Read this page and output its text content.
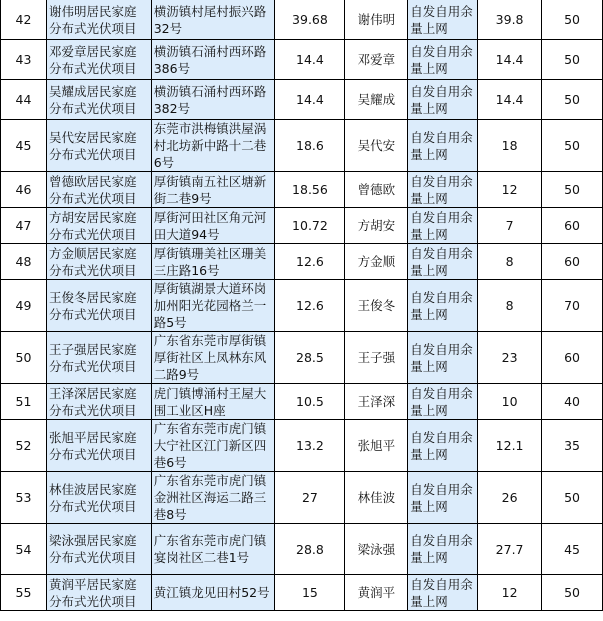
42	谢伟明居民家庭分布式光伏项目	横沥镇村尾村振兴路32号	39.68	谢伟明	自发自用余量上网	39.8	50
43	邓爱章居民家庭分布式光伏项目	横沥镇石涌村西环路386号	14.4	邓爱章	自发自用余量上网	14.4	50
44	吴耀成居民家庭分布式光伏项目	横沥镇石涌村西环路382号	14.4	吴耀成	自发自用余量上网	14.4	50
45	吴代安居民家庭分布式光伏项目	东莞市洪梅镇洪屋涡村北坊新中路十二巷6号	18.6	吴代安	自发自用余量上网	18	50
46	曾德欧居民家庭分布式光伏项目	厚街镇南五社区塘新街二巷9号	18.56	曾德欧	自发自用余量上网	12	50
47	方胡安居民家庭分布式光伏项目	厚街河田社区角元河田大道94号	10.72	方胡安	自发自用余量上网	7	60
48	方金顺居民家庭分布式光伏项目	厚街镇珊美社区珊美三庄路16号	12.6	方金顺	自发自用余量上网	8	60
49	王俊冬居民家庭分布式光伏项目	厚街镇湖景大道环岗加州阳光花园格兰一路5号	12.6	王俊冬	自发自用余量上网	8	70
50	王子强居民家庭分布式光伏项目	广东省东莞市厚街镇厚街社区上凤林东风二路9号	28.5	王子强	自发自用余量上网	23	60
51	王泽深居民家庭分布式光伏项目	虎门镇博涌村王屋大围工业区H座	10.5	王泽深	自发自用余量上网	10	40
52	张旭平居民家庭分布式光伏项目	广东省东莞市虎门镇大宁社区江门新区四巷6号	13.2	张旭平	自发自用余量上网	12.1	35
53	林佳波居民家庭分布式光伏项目	广东省东莞市虎门镇金洲社区海运二路三巷8号	27	林佳波	自发自用余量上网	26	50
54	梁泳强居民家庭分布式光伏项目	广东省东莞市虎门镇宴岗社区二巷1号	28.8	梁泳强	自发自用余量上网	27.7	45
55	黄润平居民家庭分布式光伏项目	黄江镇龙见田村52号	15	黄润平	自发自用余量上网	12	50
